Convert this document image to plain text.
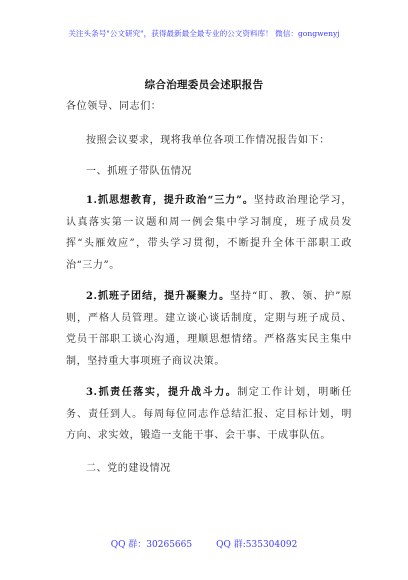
关注头条号"公文研究"，获得最新最全最专业的公文资料库！ 微信：gongwenyj
综合治理委员会述职报告
各位领导、同志们：
按照会议要求，现将我单位各项工作情况报告如下：
一、抓班子带队伍情况
1.抓思想教育，提升政治“三力”。坚持政治理论学习，认真落实第一议题和周一例会集中学习制度，班子成员发挥“头雁效应”，带头学习贯彻，不断提升全体干部职工政治“三力”。
2.抓班子团结，提升凝聚力。坚持“盯、教、领、护”原则，严格人员管理。建立谈心谈话制度，定期与班子成员、党员干部职工谈心沟通，理顺思想情绪。严格落实民主集中制，坚持重大事项班子商议决策。
3.抓责任落实，提升战斗力。制定工作计划，明晰任务、责任到人。每周每位同志作总结汇报、定目标计划，明方向、求实效，锻造一支能干事、会干事、干成事队伍。
二、党的建设情况
QQ 群：30265665	QQ 群:535304092
